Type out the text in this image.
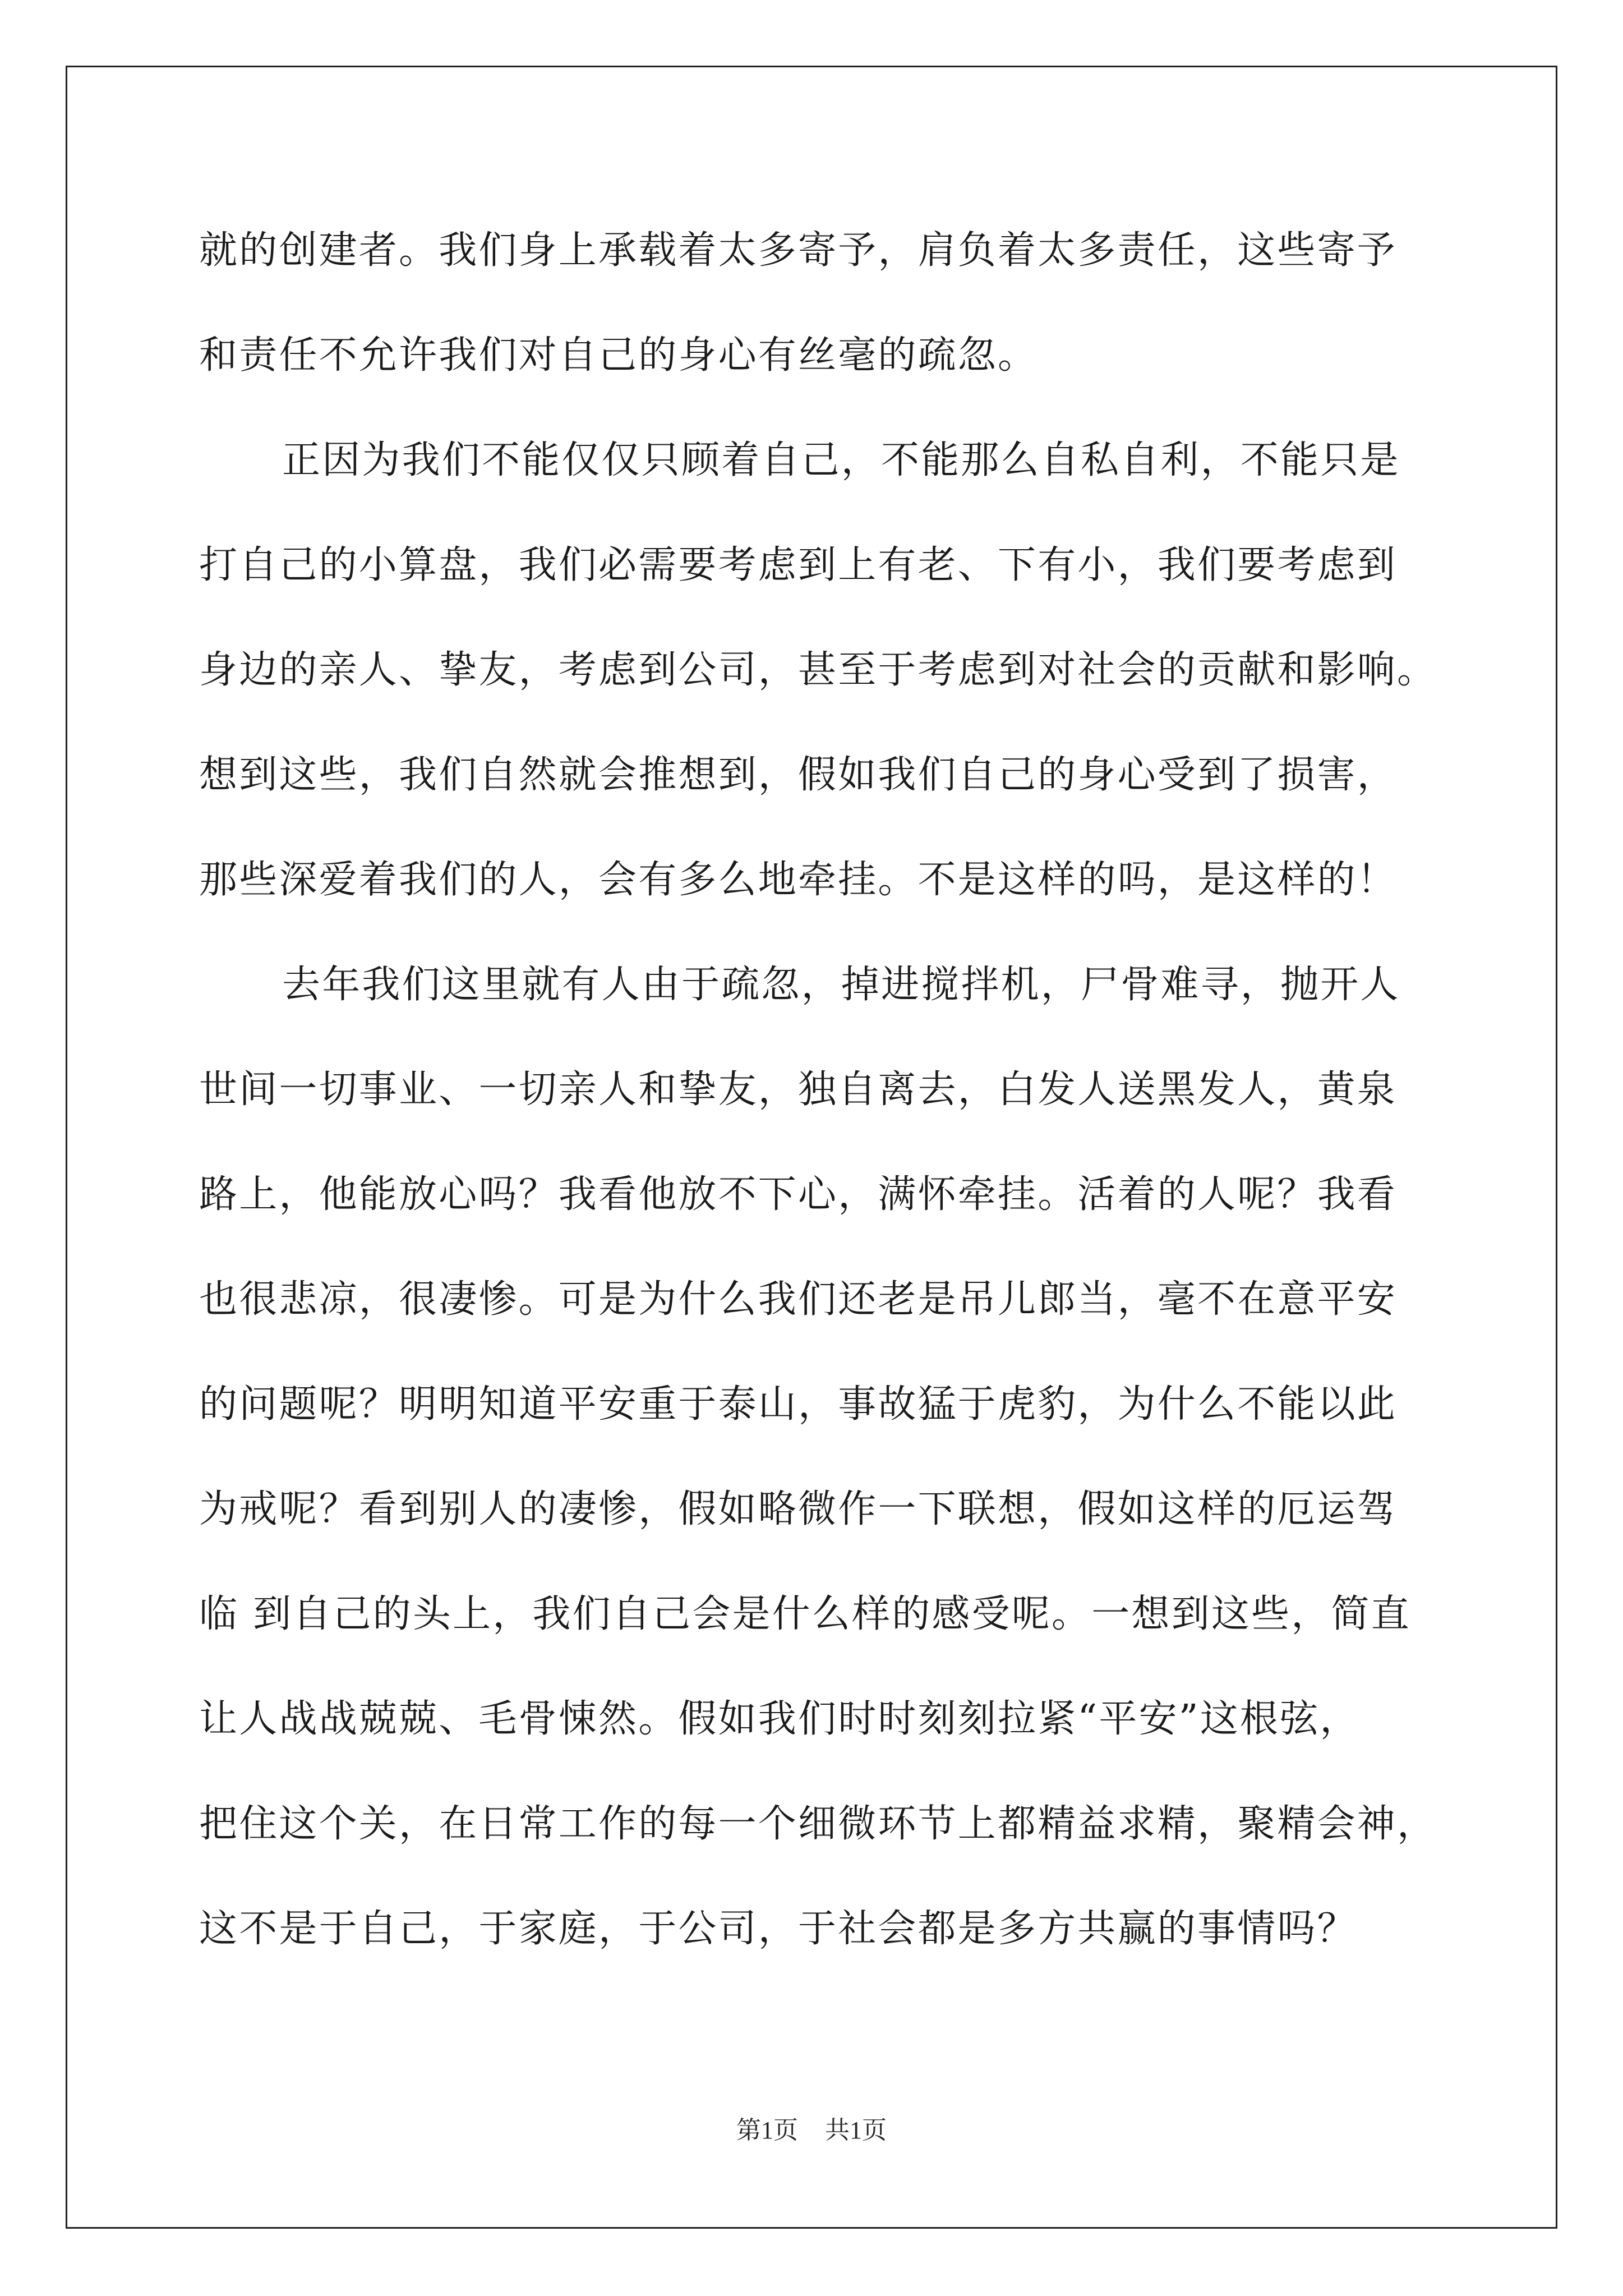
就的创建者。我们身上承载着太多寄予，肩负着太多责任，这些寄予
和责任不允许我们对自己的身心有丝毫的疏忽。
正因为我们不能仅仅只顾着自己，不能那么自私自利，不能只是
打自己的小算盘，我们必需要考虑到上有老、下有小，我们要考虑到
身边的亲人、挚友，考虑到公司，甚至于考虑到对社会的贡献和影响。
想到这些，我们自然就会推想到，假如我们自己的身心受到了损害，
那些深爱着我们的人，会有多么地牵挂。不是这样的吗，是这样的！
去年我们这里就有人由于疏忽，掉进搅拌机，尸骨难寻，抛开人
世间一切事业、一切亲人和挚友，独自离去，白发人送黑发人，黄泉
路上，他能放心吗？我看他放不下心，满怀牵挂。活着的人呢？我看
也很悲凉，很凄惨。可是为什么我们还老是吊儿郎当，毫不在意平安
的问题呢？明明知道平安重于泰山，事故猛于虎豹，为什么不能以此
为戒呢？看到别人的凄惨，假如略微作一下联想，假如这样的厄运驾
临 到自己的头上，我们自己会是什么样的感受呢。一想到这些，简直
让人战战兢兢、毛骨悚然。假如我们时时刻刻拉紧“平安”这根弦，
把住这个关，在日常工作的每一个细微环节上都精益求精，聚精会神，
这不是于自己，于家庭，于公司，于社会都是多方共赢的事情吗？
第1页 共1页
